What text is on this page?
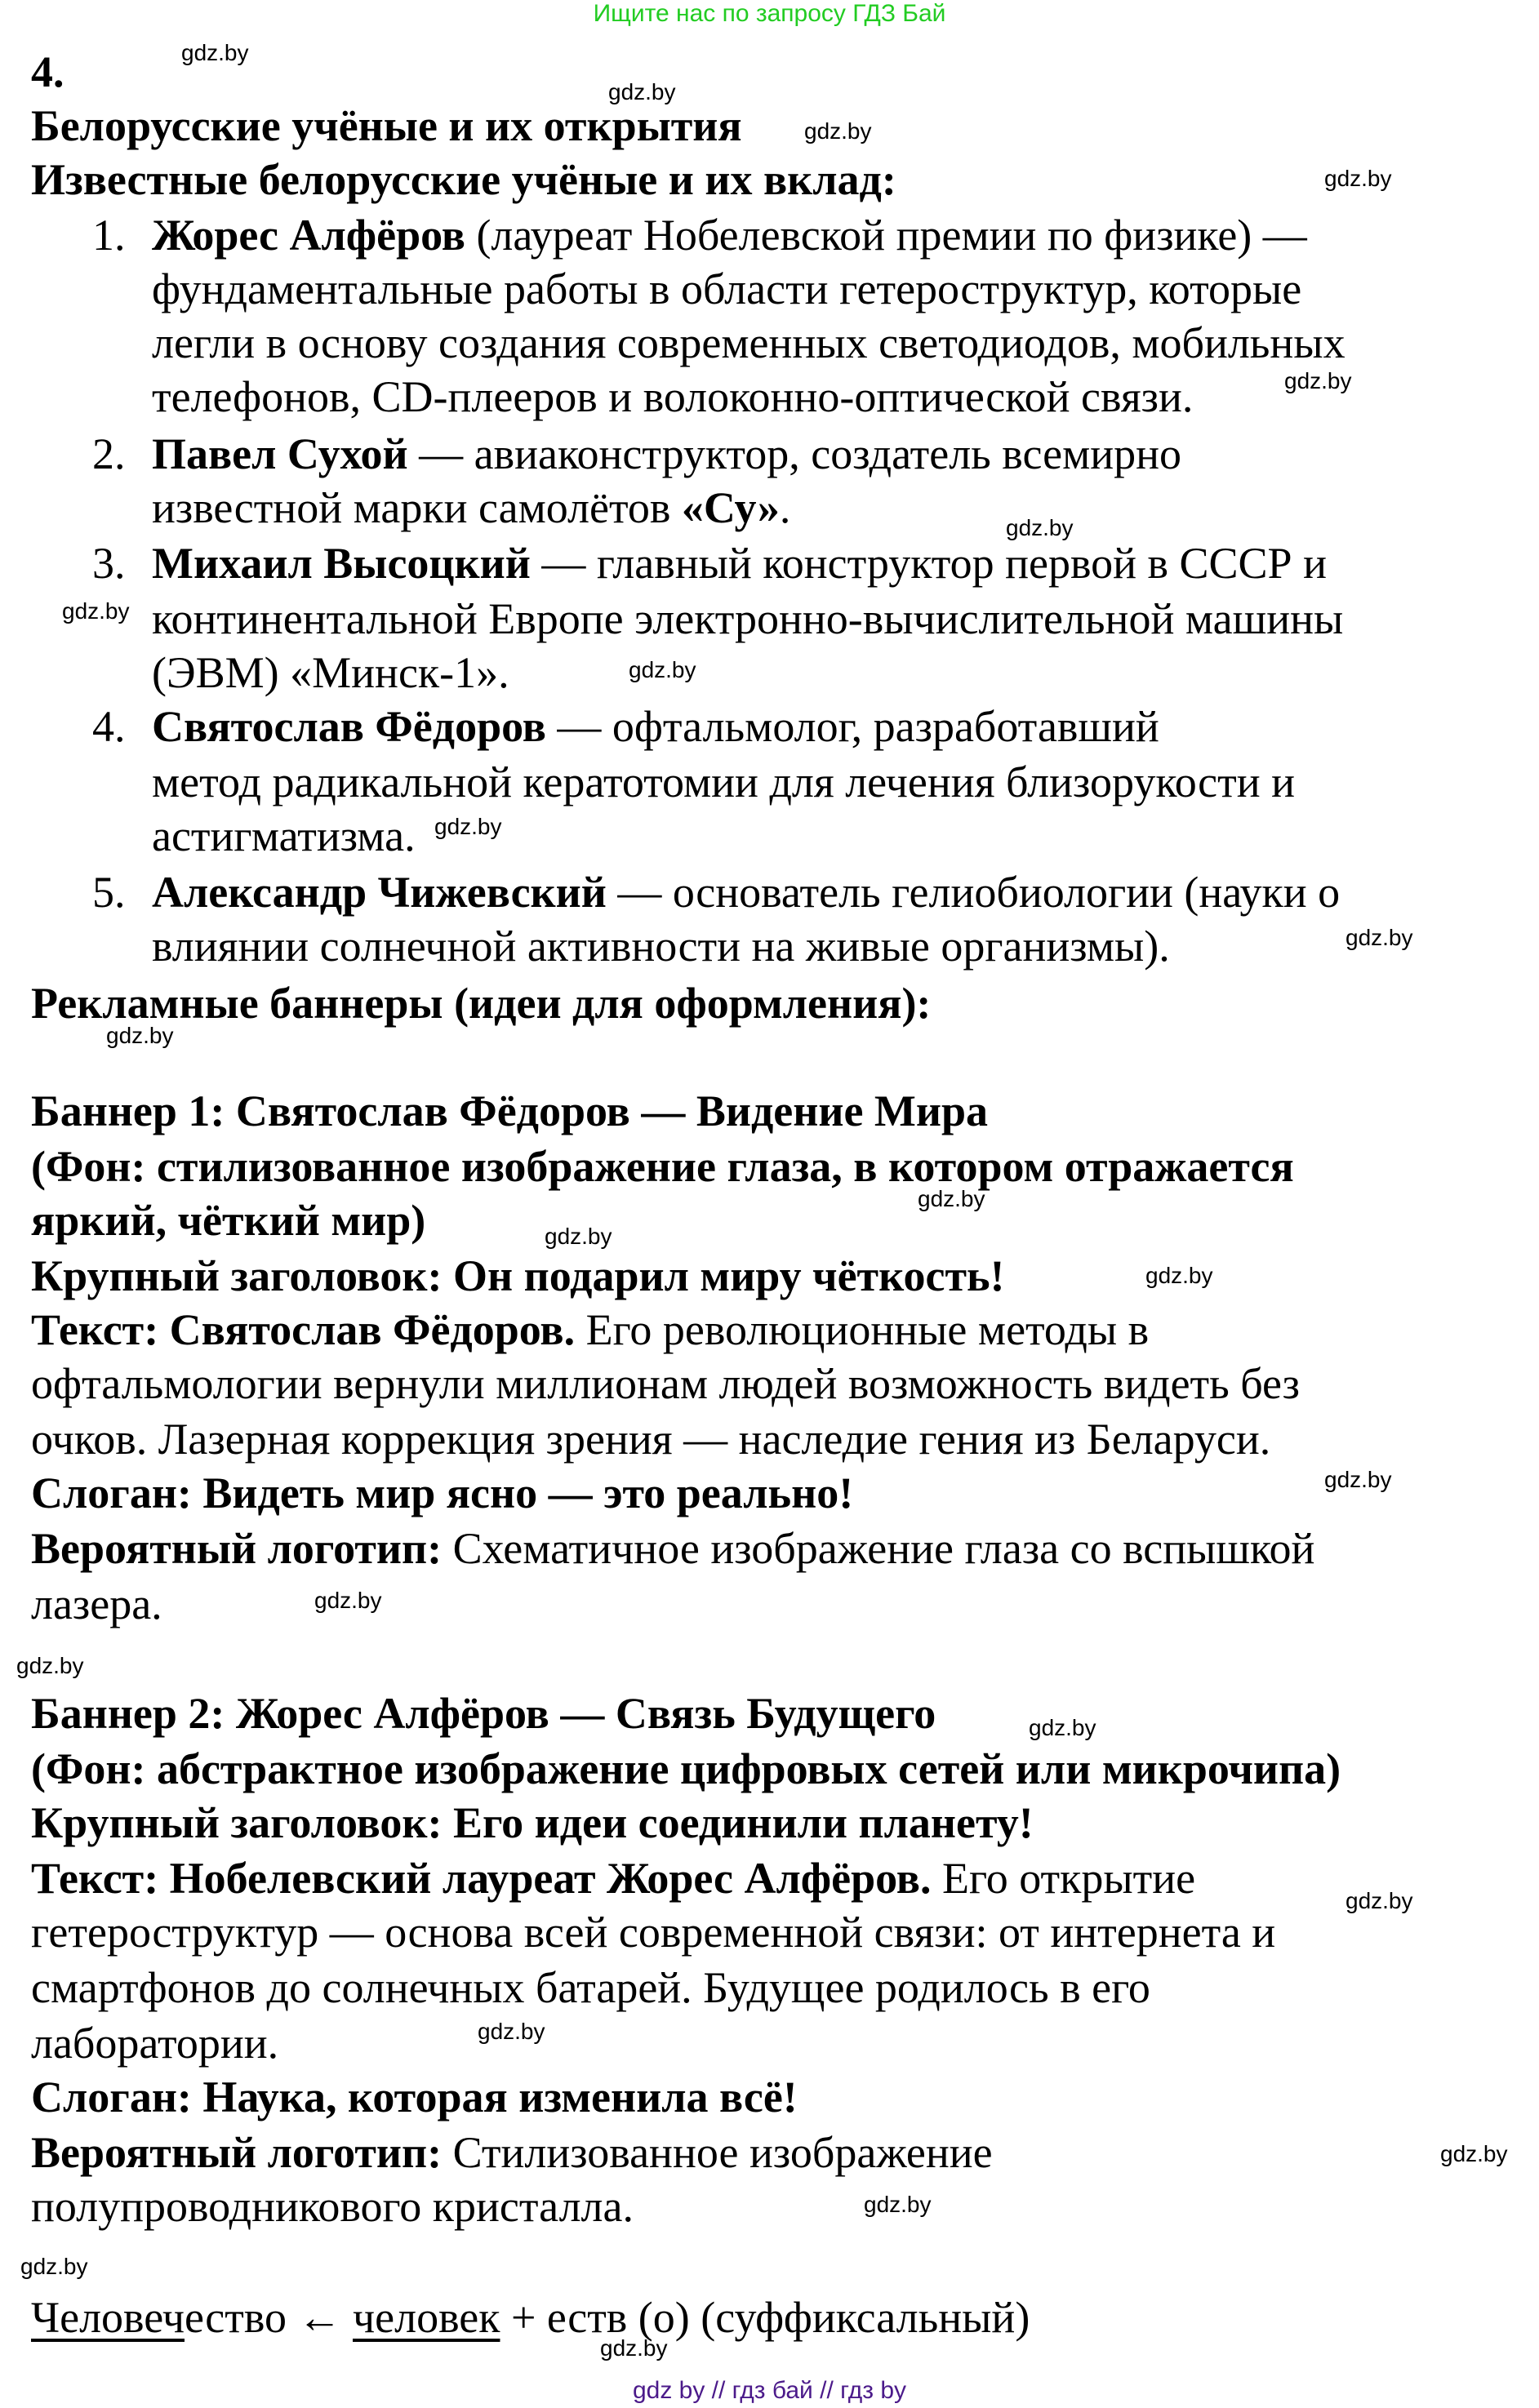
Ищите нас по запросу ГДЗ Бай
4.
Белорусские учёные и их открытия
Известные белорусские учёные и их вклад:
1. Жорес Алфёров (лауреат Нобелевской премии по физике) —
фундаментальные работы в области гетероструктур, которые
легли в основу создания современных светодиодов, мобильных
телефонов, CD-плееров и волоконно-оптической связи.
2. Павел Сухой — авиаконструктор, создатель всемирно
известной марки самолётов «Су».
3. Михаил Высоцкий — главный конструктор первой в СССР и
континентальной Европе электронно-вычислительной машины
(ЭВМ) «Минск-1».
4. Святослав Фёдоров — офтальмолог, разработавший
метод радикальной кератотомии для лечения близорукости и
астигматизма.
5. Александр Чижевский — основатель гелиобиологии (науки о
влиянии солнечной активности на живые организмы).
Рекламные баннеры (идеи для оформления):
Баннер 1: Святослав Фёдоров — Видение Мира
(Фон: стилизованное изображение глаза, в котором отражается
яркий, чёткий мир)
Крупный заголовок: Он подарил миру чёткость!
Текст: Святослав Фёдоров. Его революционные методы в
офтальмологии вернули миллионам людей возможность видеть без
очков. Лазерная коррекция зрения — наследие гения из Беларуси.
Слоган: Видеть мир ясно — это реально!
Вероятный логотип: Схематичное изображение глаза со вспышкой
лазера.
Баннер 2: Жорес Алфёров — Связь Будущего
(Фон: абстрактное изображение цифровых сетей или микрочипа)
Крупный заголовок: Его идеи соединили планету!
Текст: Нобелевский лауреат Жорес Алфёров. Его открытие
гетероструктур — основа всей современной связи: от интернета и
смартфонов до солнечных батарей. Будущее родилось в его
лаборатории.
Слоган: Наука, которая изменила всё!
Вероятный логотип: Стилизованное изображение
полупроводникового кристалла.
Человечество ← человек + еств (о) (суффиксальный)
gdz.by
gdz.by
gdz.by
gdz.by
gdz.by
gdz.by
gdz.by
gdz.by
gdz.by
gdz.by
gdz.by
gdz.by
gdz.by
gdz.by
gdz.by
gdz.by
gdz.by
gdz.by
gdz.by
gdz.by
gdz.by
gdz.by
gdz.by
gdz.by
gdz by // гдз бай // гдз by
